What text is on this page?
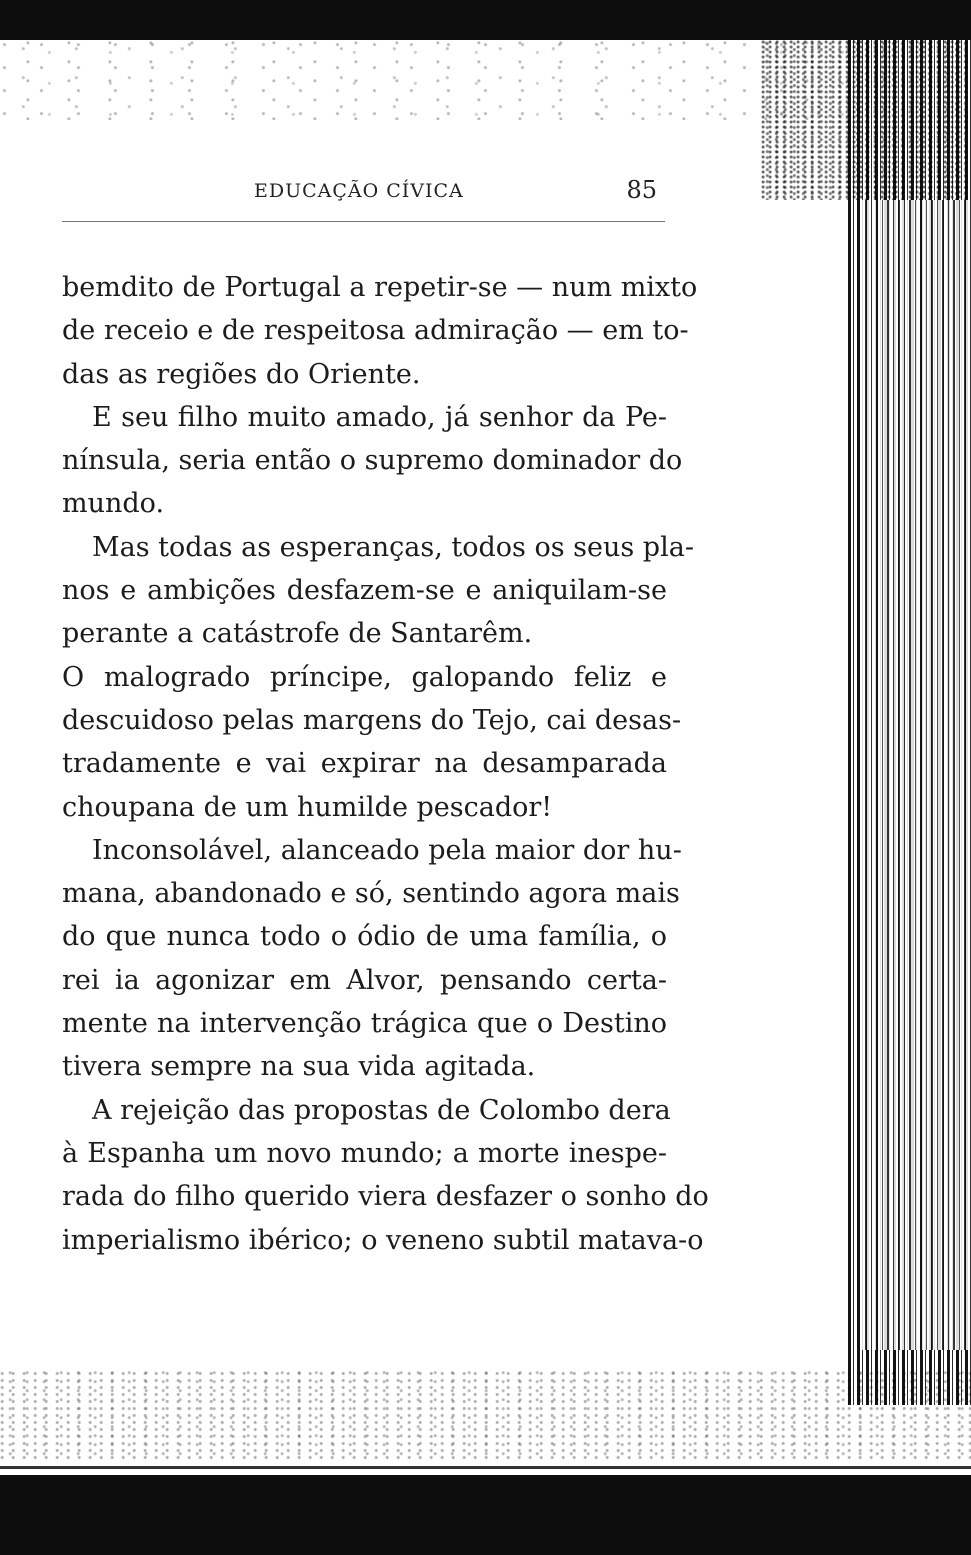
EDUCAÇÃO CÍVICA	85
bemdito de Portugal a repetir-se — num mixto
de receio e de respeitosa admiração — em to-
das as regiões do Oriente.
E seu filho muito amado, já senhor da Pe-
nínsula, seria então o supremo dominador do
mundo.
Mas todas as esperanças, todos os seus pla-
nos e ambições desfazem-se e aniquilam-se
perante a catástrofe de Santarêm.
O malogrado príncipe, galopando feliz e
descuidoso pelas margens do Tejo, cai desas-
tradamente e vai expirar na desamparada
choupana de um humilde pescador!
Inconsolável, alanceado pela maior dor hu-
mana, abandonado e só, sentindo agora mais
do que nunca todo o ódio de uma família, o
rei ia agonizar em Alvor, pensando certa-
mente na intervenção trágica que o Destino
tivera sempre na sua vida agitada.
A rejeição das propostas de Colombo dera
à Espanha um novo mundo; a morte inespe-
rada do filho querido viera desfazer o sonho do
imperialismo ibérico; o veneno subtil matava-o
